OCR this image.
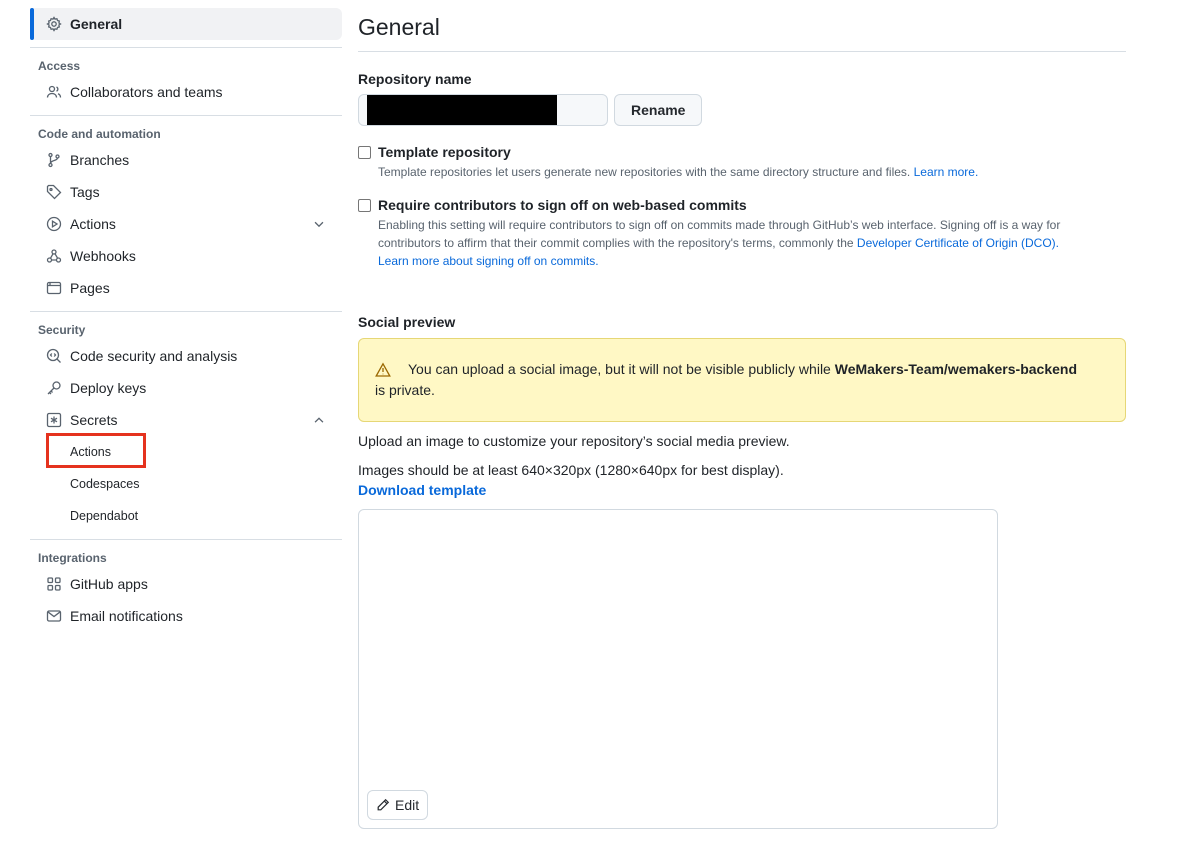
General
Access
Collaborators and teams
Code and automation
Branches
Tags
Actions
Webhooks
Pages
Security
Code security and analysis
Deploy keys
Secrets
Actions
Codespaces
Dependabot
Integrations
GitHub apps
Email notifications
General
Repository name
Rename
Template repository
Template repositories let users generate new repositories with the same directory structure and files. Learn more.
Require contributors to sign off on web-based commits
Enabling this setting will require contributors to sign off on commits made through GitHub’s web interface. Signing off is a way for contributors to affirm that their commit complies with the repository's terms, commonly the Developer Certificate of Origin (DCO).
Learn more about signing off on commits.
Social preview
You can upload a social image, but it will not be visible publicly while WeMakers-Team/wemakers-backend
is private.
Upload an image to customize your repository’s social media preview.
Images should be at least 640×320px (1280×640px for best display).
Download template
Edit
